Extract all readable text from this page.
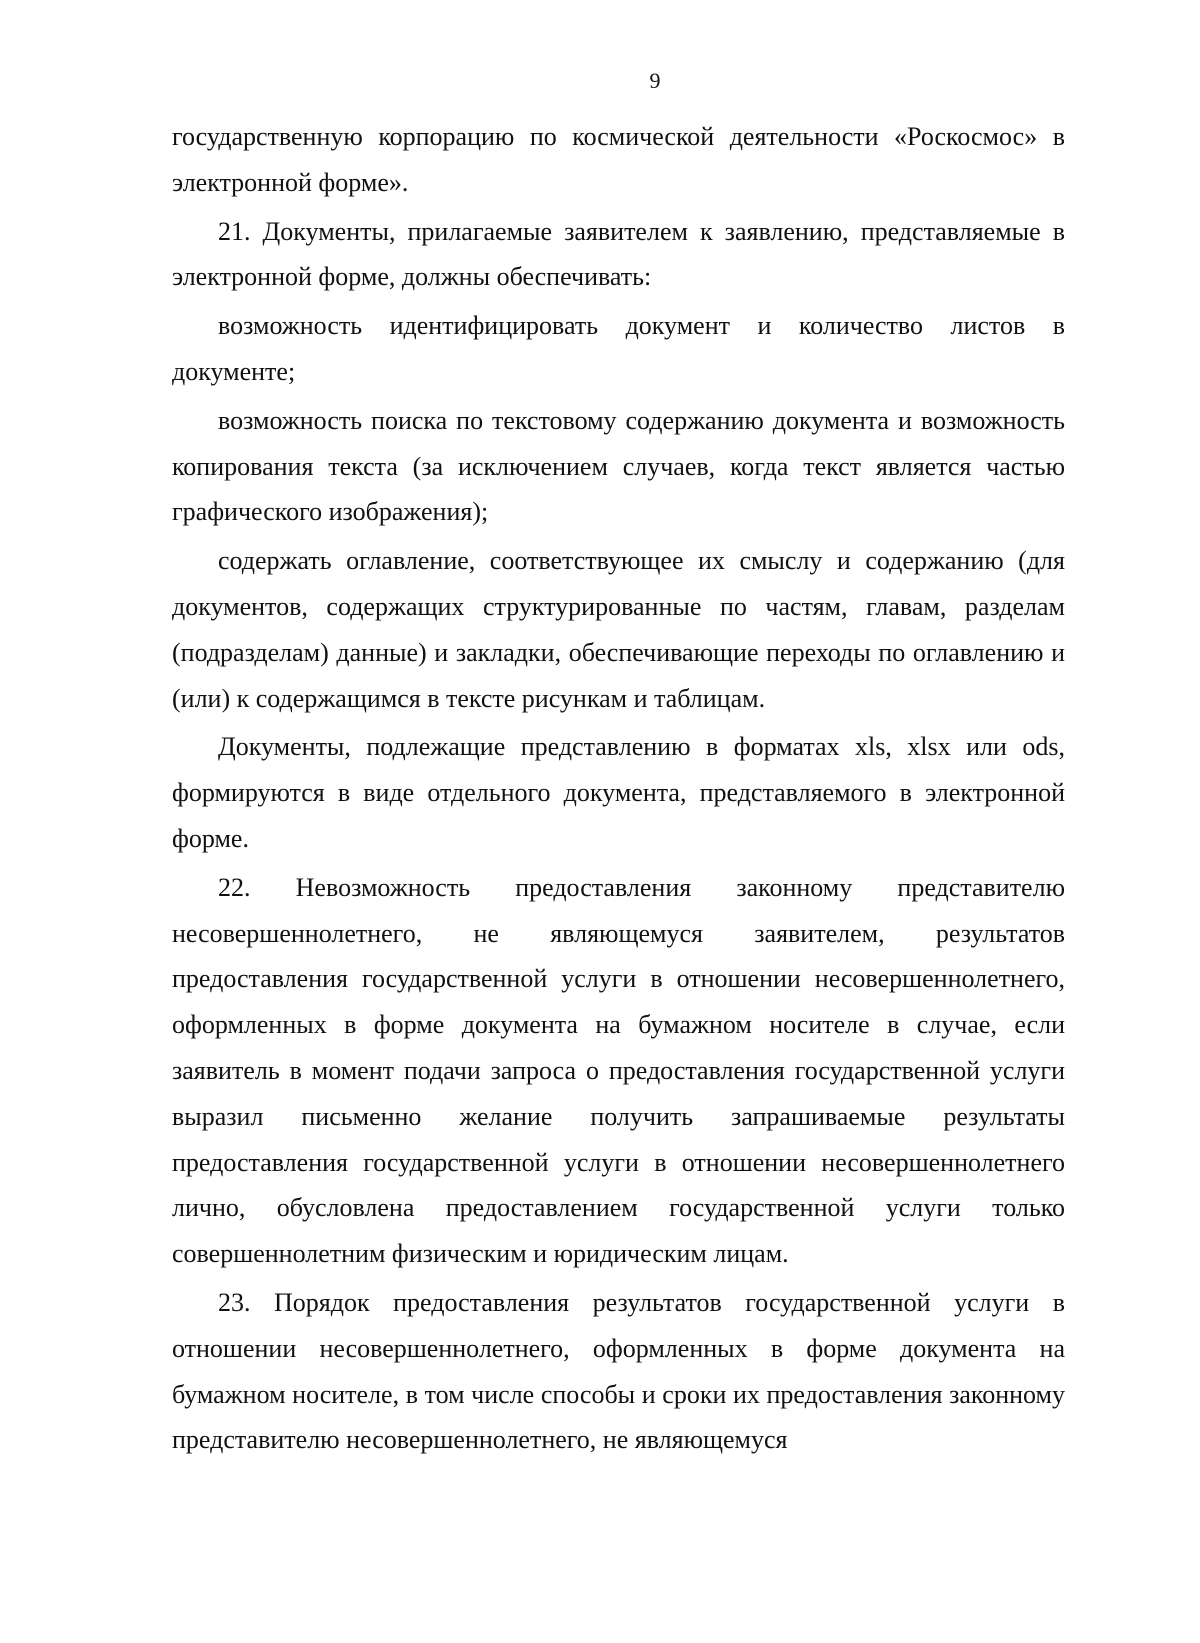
9

государственную корпорацию по космической деятельности «Роскосмос» в электронной форме».

21. Документы, прилагаемые заявителем к заявлению, представляемые в электронной форме, должны обеспечивать:

возможность идентифицировать документ и количество листов в документе;

возможность поиска по текстовому содержанию документа и возможность копирования текста (за исключением случаев, когда текст является частью графического изображения);

содержать оглавление, соответствующее их смыслу и содержанию (для документов, содержащих структурированные по частям, главам, разделам (подразделам) данные) и закладки, обеспечивающие переходы по оглавлению и (или) к содержащимся в тексте рисункам и таблицам.

Документы, подлежащие представлению в форматах xls, xlsx или ods, формируются в виде отдельного документа, представляемого в электронной форме.

22. Невозможность предоставления законному представителю несовершеннолетнего, не являющемуся заявителем, результатов предоставления государственной услуги в отношении несовершеннолетнего, оформленных в форме документа на бумажном носителе в случае, если заявитель в момент подачи запроса о предоставления государственной услуги выразил письменно желание получить запрашиваемые результаты предоставления государственной услуги в отношении несовершеннолетнего лично, обусловлена предоставлением государственной услуги только совершеннолетним физическим и юридическим лицам.

23. Порядок предоставления результатов государственной услуги в отношении несовершеннолетнего, оформленных в форме документа на бумажном носителе, в том числе способы и сроки их предоставления законному представителю несовершеннолетнего, не являющемуся
